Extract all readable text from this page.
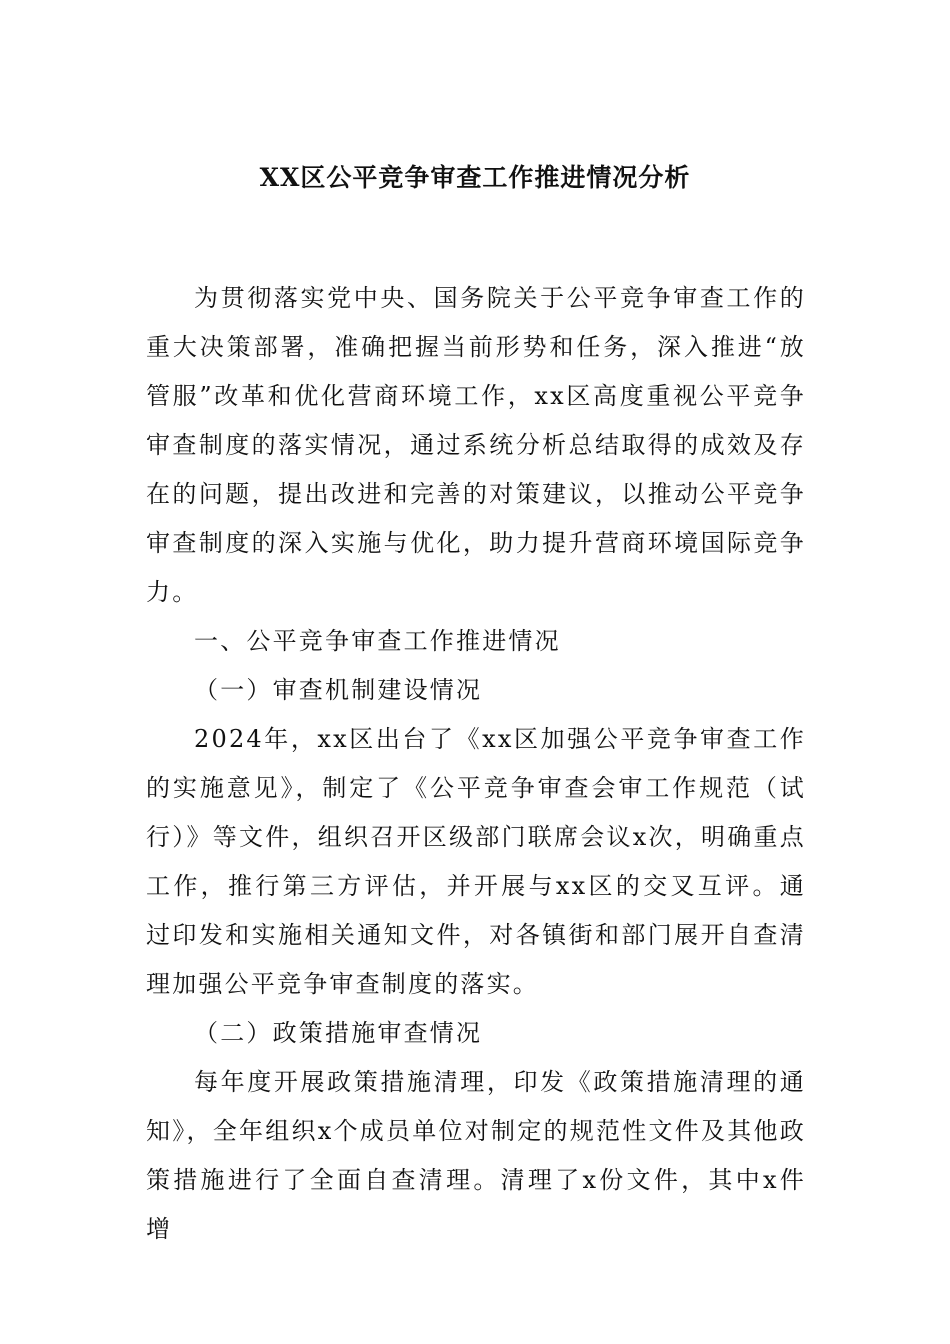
XX区公平竞争审查工作推进情况分析

为贯彻落实党中央、国务院关于公平竞争审查工作的重大决策部署，准确把握当前形势和任务，深入推进“放管服”改革和优化营商环境工作，xx区高度重视公平竞争审查制度的落实情况，通过系统分析总结取得的成效及存在的问题，提出改进和完善的对策建议，以推动公平竞争审查制度的深入实施与优化，助力提升营商环境国际竞争力。

一、公平竞争审查工作推进情况

（一）审查机制建设情况

2024年，xx区出台了《xx区加强公平竞争审查工作的实施意见》，制定了《公平竞争审查会审工作规范（试行）》等文件，组织召开区级部门联席会议x次，明确重点工作，推行第三方评估，并开展与xx区的交叉互评。通过印发和实施相关通知文件，对各镇街和部门展开自查清理加强公平竞争审查制度的落实。

（二）政策措施审查情况

每年度开展政策措施清理，印发《政策措施清理的通知》，全年组织x个成员单位对制定的规范性文件及其他政策措施进行了全面自查清理。清理了x份文件，其中x件增
